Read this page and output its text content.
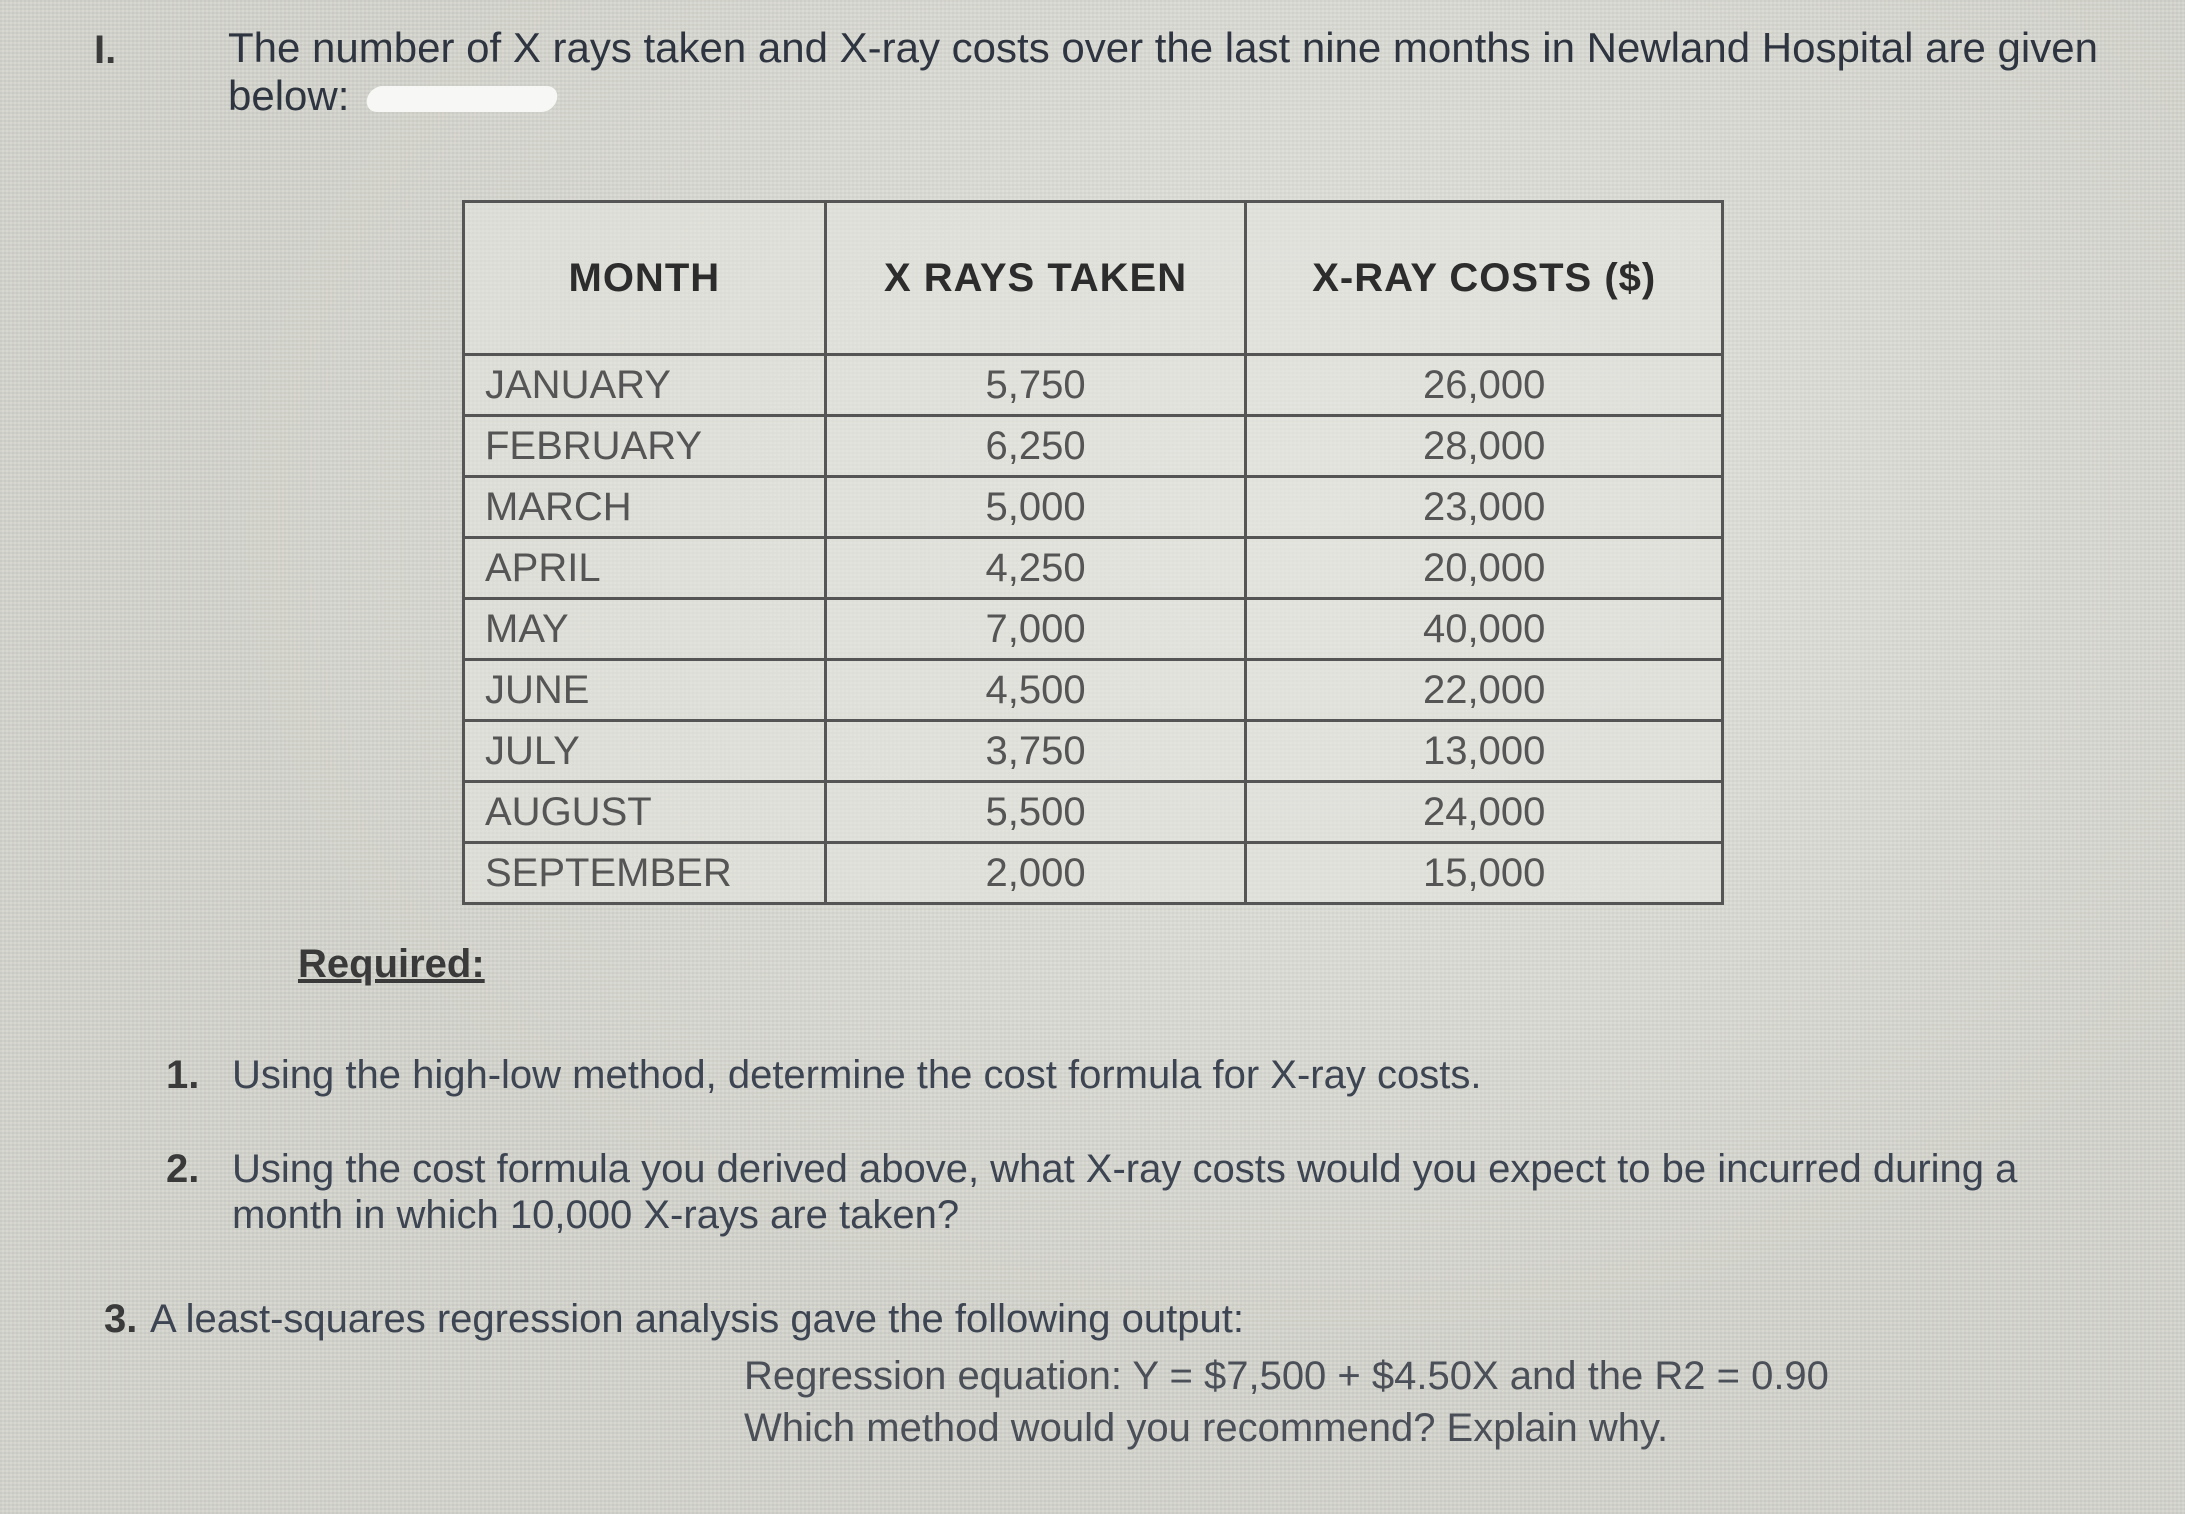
I.	The number of X rays taken and X-ray costs over the last nine months in Newland Hospital are given below:
MONTH	X RAYS TAKEN	X-RAY COSTS ($)
JANUARY	5,750	26,000
FEBRUARY	6,250	28,000
MARCH	5,000	23,000
APRIL	4,250	20,000
MAY	7,000	40,000
JUNE	4,500	22,000
JULY	3,750	13,000
AUGUST	5,500	24,000
SEPTEMBER	2,000	15,000
Required:
1. Using the high-low method, determine the cost formula for X-ray costs.
2. Using the cost formula you derived above, what X-ray costs would you expect to be incurred during a month in which 10,000 X-rays are taken?
3. A least-squares regression analysis gave the following output:
Regression equation: Y = $7,500 + $4.50X and the R2 = 0.90
Which method would you recommend? Explain why.
